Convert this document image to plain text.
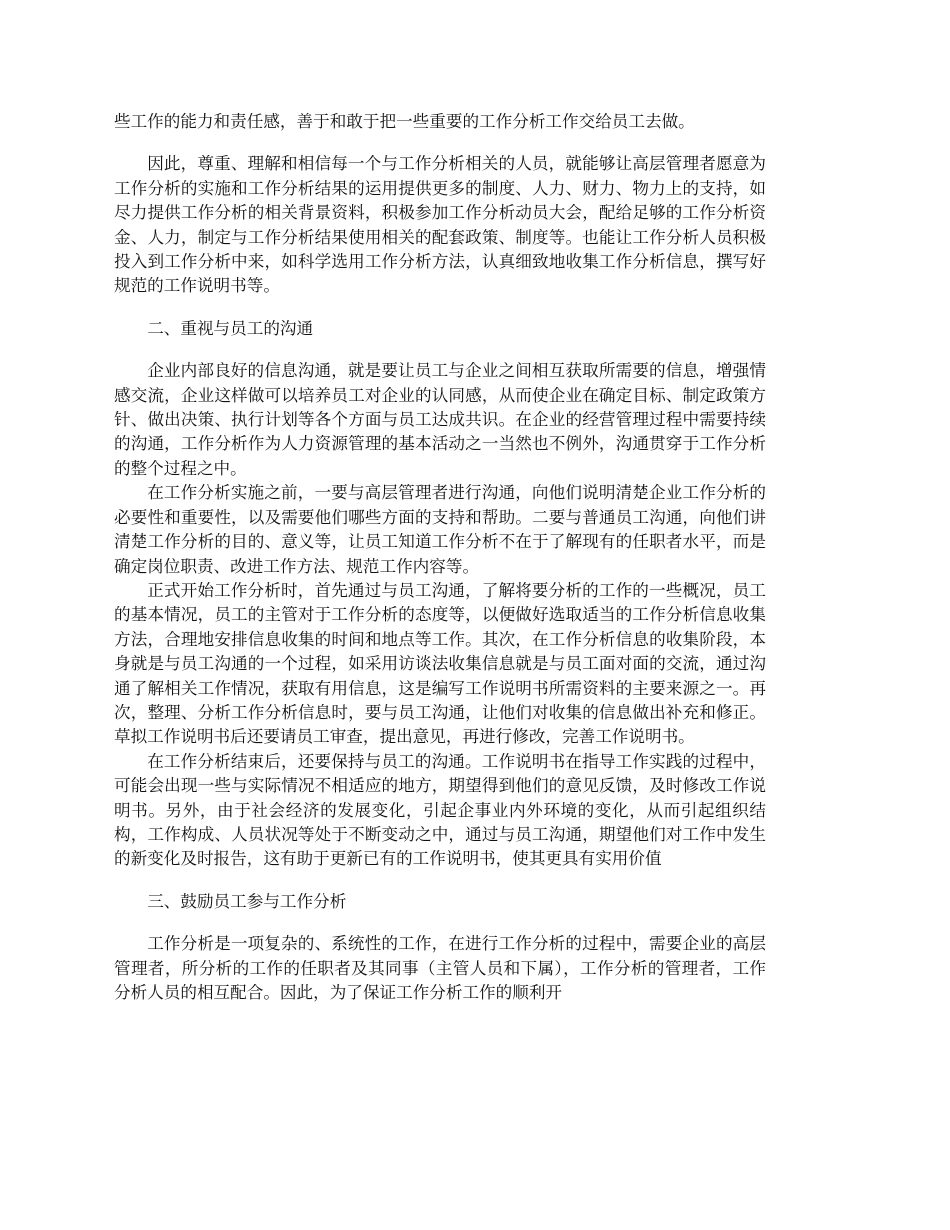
些工作的能力和责任感，善于和敢于把一些重要的工作分析工作交给员工去做。

因此，尊重、理解和相信每一个与工作分析相关的人员，就能够让高层管理者愿意为工作分析的实施和工作分析结果的运用提供更多的制度、人力、财力、物力上的支持，如尽力提供工作分析的相关背景资料，积极参加工作分析动员大会，配给足够的工作分析资金、人力，制定与工作分析结果使用相关的配套政策、制度等。也能让工作分析人员积极投入到工作分析中来，如科学选用工作分析方法，认真细致地收集工作分析信息，撰写好规范的工作说明书等。

二、重视与员工的沟通

企业内部良好的信息沟通，就是要让员工与企业之间相互获取所需要的信息，增强情感交流，企业这样做可以培养员工对企业的认同感，从而使企业在确定目标、制定政策方针、做出决策、执行计划等各个方面与员工达成共识。在企业的经营管理过程中需要持续的沟通，工作分析作为人力资源管理的基本活动之一当然也不例外，沟通贯穿于工作分析的整个过程之中。

在工作分析实施之前，一要与高层管理者进行沟通，向他们说明清楚企业工作分析的必要性和重要性，以及需要他们哪些方面的支持和帮助。二要与普通员工沟通，向他们讲清楚工作分析的目的、意义等，让员工知道工作分析不在于了解现有的任职者水平，而是确定岗位职责、改进工作方法、规范工作内容等。

正式开始工作分析时，首先通过与员工沟通，了解将要分析的工作的一些概况，员工的基本情况，员工的主管对于工作分析的态度等，以便做好选取适当的工作分析信息收集方法，合理地安排信息收集的时间和地点等工作。其次，在工作分析信息的收集阶段，本身就是与员工沟通的一个过程，如采用访谈法收集信息就是与员工面对面的交流，通过沟通了解相关工作情况，获取有用信息，这是编写工作说明书所需资料的主要来源之一。再次，整理、分析工作分析信息时，要与员工沟通，让他们对收集的信息做出补充和修正。草拟工作说明书后还要请员工审查，提出意见，再进行修改，完善工作说明书。

在工作分析结束后，还要保持与员工的沟通。工作说明书在指导工作实践的过程中，可能会出现一些与实际情况不相适应的地方，期望得到他们的意见反馈，及时修改工作说明书。另外，由于社会经济的发展变化，引起企事业内外环境的变化，从而引起组织结构，工作构成、人员状况等处于不断变动之中，通过与员工沟通，期望他们对工作中发生的新变化及时报告，这有助于更新已有的工作说明书，使其更具有实用价值

三、鼓励员工参与工作分析

工作分析是一项复杂的、系统性的工作，在进行工作分析的过程中，需要企业的高层管理者，所分析的工作的任职者及其同事（主管人员和下属），工作分析的管理者，工作分析人员的相互配合。因此，为了保证工作分析工作的顺利开
